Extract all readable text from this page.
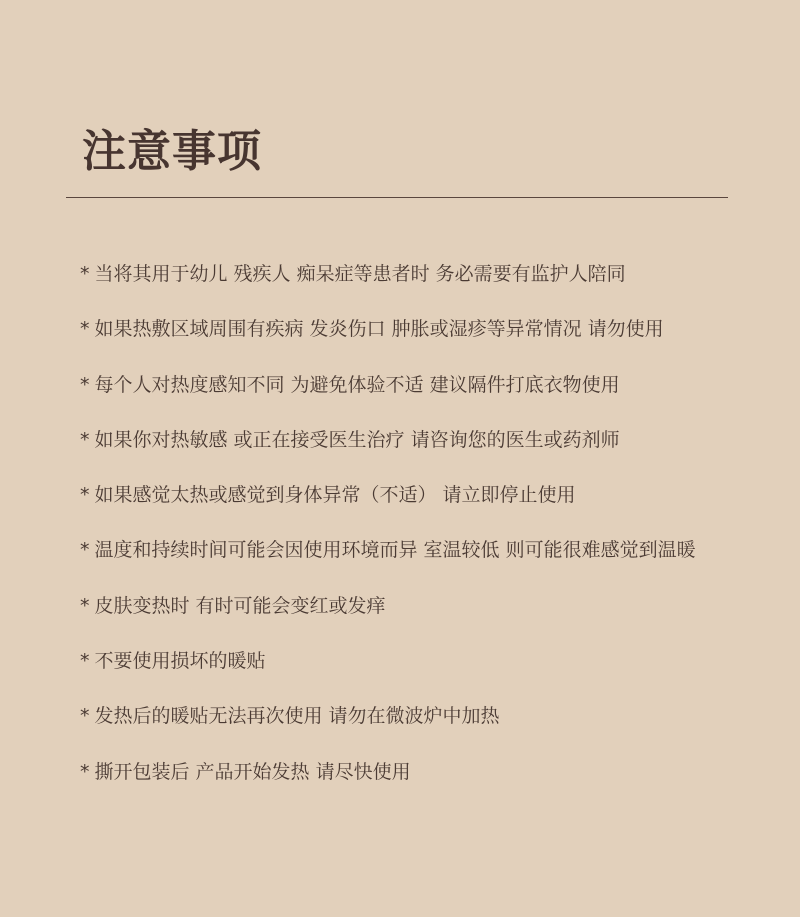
注意事项
* 当将其用于幼儿 残疾人 痴呆症等患者时 务必需要有监护人陪同
* 如果热敷区域周围有疾病 发炎伤口 肿胀或湿疹等异常情况 请勿使用
* 每个人对热度感知不同 为避免体验不适 建议隔件打底衣物使用
* 如果你对热敏感 或正在接受医生治疗 请咨询您的医生或药剂师
* 如果感觉太热或感觉到身体异常（不适） 请立即停止使用
* 温度和持续时间可能会因使用环境而异 室温较低 则可能很难感觉到温暖
* 皮肤变热时 有时可能会变红或发痒
* 不要使用损坏的暖贴
* 发热后的暖贴无法再次使用 请勿在微波炉中加热
* 撕开包装后 产品开始发热 请尽快使用
